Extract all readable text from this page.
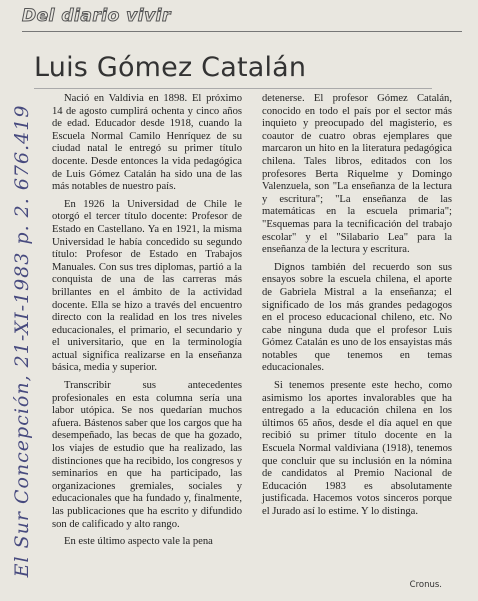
Del diario vivir
Luis Gómez Catalán
El Sur Concepción, 21-XI-1983 p. 2. 676.419

Nació en Valdivia en 1898. El próximo 14 de agosto cumplirá ochenta y cinco años de edad. Educador desde 1918, cuando la Escuela Normal Camilo Henríquez de su ciudad natal le entregó su primer título docente. Desde entonces la vida pedagógica de Luis Gómez Catalán ha sido una de las más notables de nuestro país.

En 1926 la Universidad de Chile le otorgó el tercer título docente: Profesor de Estado en Castellano. Ya en 1921, la misma Universidad le había concedido su segundo título: Profesor de Estado en Trabajos Manuales. Con sus tres diplomas, partió a la conquista de una de las carreras más brillantes en el ámbito de la actividad docente. Ella se hizo a través del encuentro directo con la realidad en los tres niveles educacionales, el primario, el secundario y el universitario, que en la terminología actual significa realizarse en la enseñanza básica, media y superior.

Transcribir sus antecedentes profesionales en esta columna sería una labor utópica. Se nos quedarían muchos afuera. Bástenos saber que los cargos que ha desempeñado, las becas de que ha gozado, los viajes de estudio que ha realizado, las distinciones que ha recibido, los congresos y seminarios en que ha participado, las organizaciones gremiales, sociales y educacionales que ha fundado y, finalmente, las publicaciones que ha escrito y difundido son de calificado y alto rango.

En este último aspecto vale la pena

detenerse. El profesor Gómez Catalán, conocido en todo el país por el sector más inquieto y preocupado del magisterio, es coautor de cuatro obras ejemplares que marcaron un hito en la literatura pedagógica chilena. Tales libros, editados con los profesores Berta Riquelme y Domingo Valenzuela, son "La enseñanza de la lectura y escritura"; "La enseñanza de las matemáticas en la escuela primaria"; "Esquemas para la tecnificación del trabajo escolar" y el "Silabario Lea" para la enseñanza de la lectura y escritura.

Dignos también del recuerdo son sus ensayos sobre la escuela chilena, el aporte de Gabriela Mistral a la enseñanza; el significado de los más grandes pedagogos en el proceso educacional chileno, etc. No cabe ninguna duda que el profesor Luis Gómez Catalán es uno de los ensayistas más notables que tenemos en temas educacionales.

Si tenemos presente este hecho, como asimismo los aportes invalorables que ha entregado a la educación chilena en los últimos 65 años, desde el día aquel en que recibió su primer título docente en la Escuela Normal valdiviana (1918), tenemos que concluir que su inclusión en la nómina de candidatos al Premio Nacional de Educación 1983 es absolutamente justificada. Hacemos votos sinceros porque el Jurado así lo estime. Y lo distinga.

Cronus.
